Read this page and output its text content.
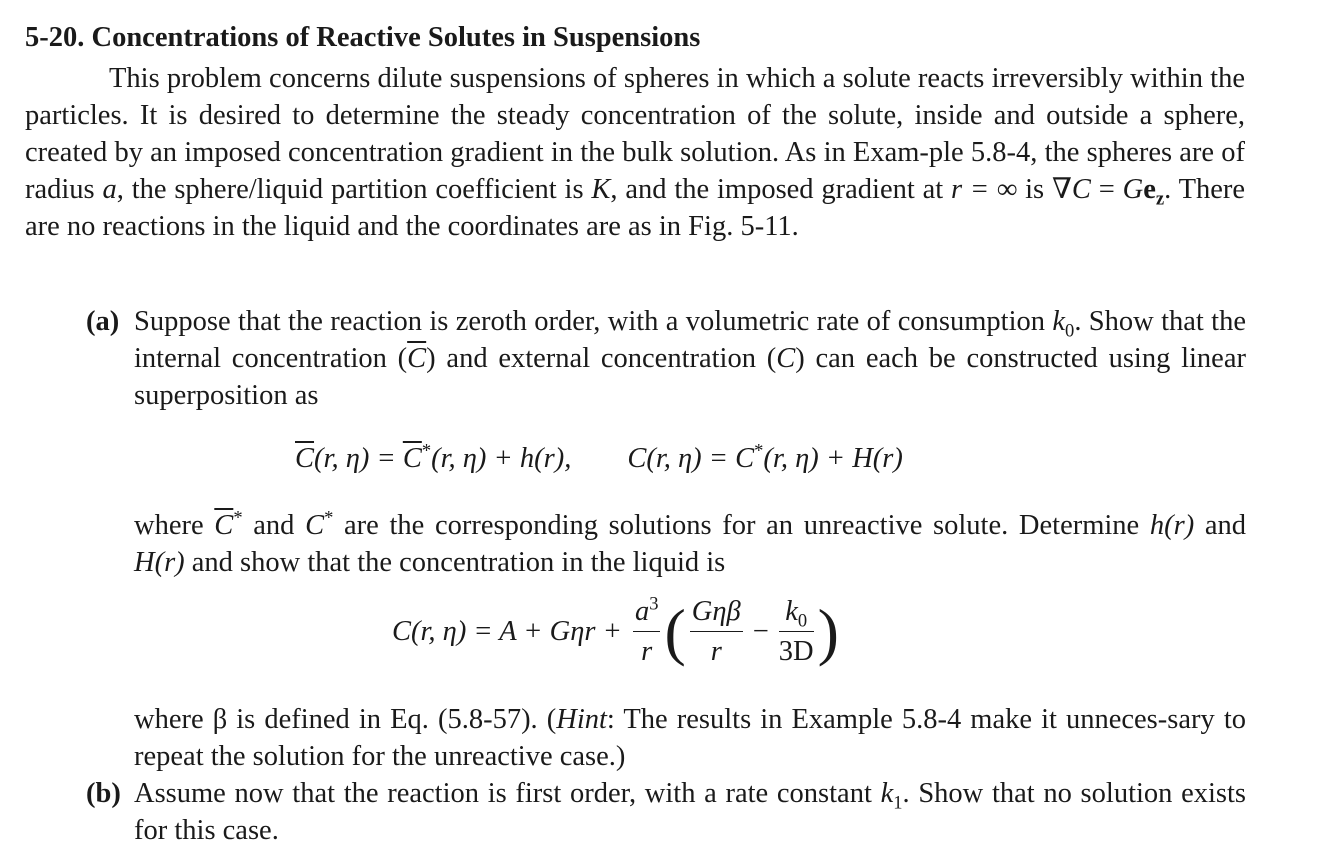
5-20. Concentrations of Reactive Solutes in Suspensions
This problem concerns dilute suspensions of spheres in which a solute reacts irreversibly within the particles. It is desired to determine the steady concentration of the solute, inside and outside a sphere, created by an imposed concentration gradient in the bulk solution. As in Exam-ple 5.8-4, the spheres are of radius a, the sphere/liquid partition coefficient is K, and the imposed gradient at r = ∞ is $\nabla C = Ge_z$. There are no reactions in the liquid and the coordinates are as in Fig. 5-11.
(a) Suppose that the reaction is zeroth order, with a volumetric rate of consumption $k_0$. Show that the internal concentration $(\overline{C})$ and external concentration (C) can each be constructed using linear superposition as
$\overline{C}(r$, $\eta) = \overline{C}^*(r$, η) + h(r), C(r, η) = C*(r, η) + H(r)
where $\overline{C}^*$ and C* are the corresponding solutions for an unreactive solute. Determine h(r) and H(r) and show that the concentration in the liquid is
C(r, $\eta) = A + G\eta r + \frac{a^3}{r}$ ( $\frac{\text{Gηβ}}{r} - \frac{k_0}{3D}$ )
where β is defined in Eq. (5.8-57). (Hint: The results in Example 5.8-4 make it unneces-sary to repeat the solution for the unreactive case.)
(b) Assume now that the reaction is first order, with a rate constant $k_1$. Show that no solution exists for this case.
